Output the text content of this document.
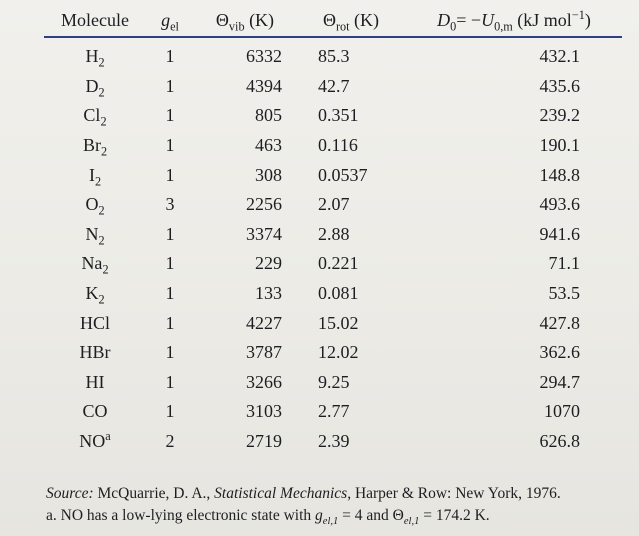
Molecule	$g_{el}$	$\Theta_{vib}$ (K)	$\Theta_{rot}$ (K)	$D_0= -U_{0,m}$ (kJ mol$^{-1}$)
$H_2$	1	6332	85.3	432.1
$D_2$	1	4394	42.7	435.6
$Cl_2$	1	805	0.351	239.2
$Br_2$	1	463	0.116	190.1
$I_2$	1	308	0.0537	148.8
$O_2$	3	2256	2.07	493.6
$N_2$	1	3374	2.88	941.6
$Na_2$	1	229	0.221	71.1
$K_2$	1	133	0.081	53.5
HCl	1	4227	15.02	427.8
HBr	1	3787	12.02	362.6
HI	1	3266	9.25	294.7
CO	1	3103	2.77	1070
$NO^a$	2	2719	2.39	626.8
Source: McQuarrie, D. A., Statistical Mechanics, Harper & Row: New York, 1976.
a. NO has a low-lying electronic state with $g_{el,1} = 4$ and $\Theta_{el,1} = 174.2$ K.
